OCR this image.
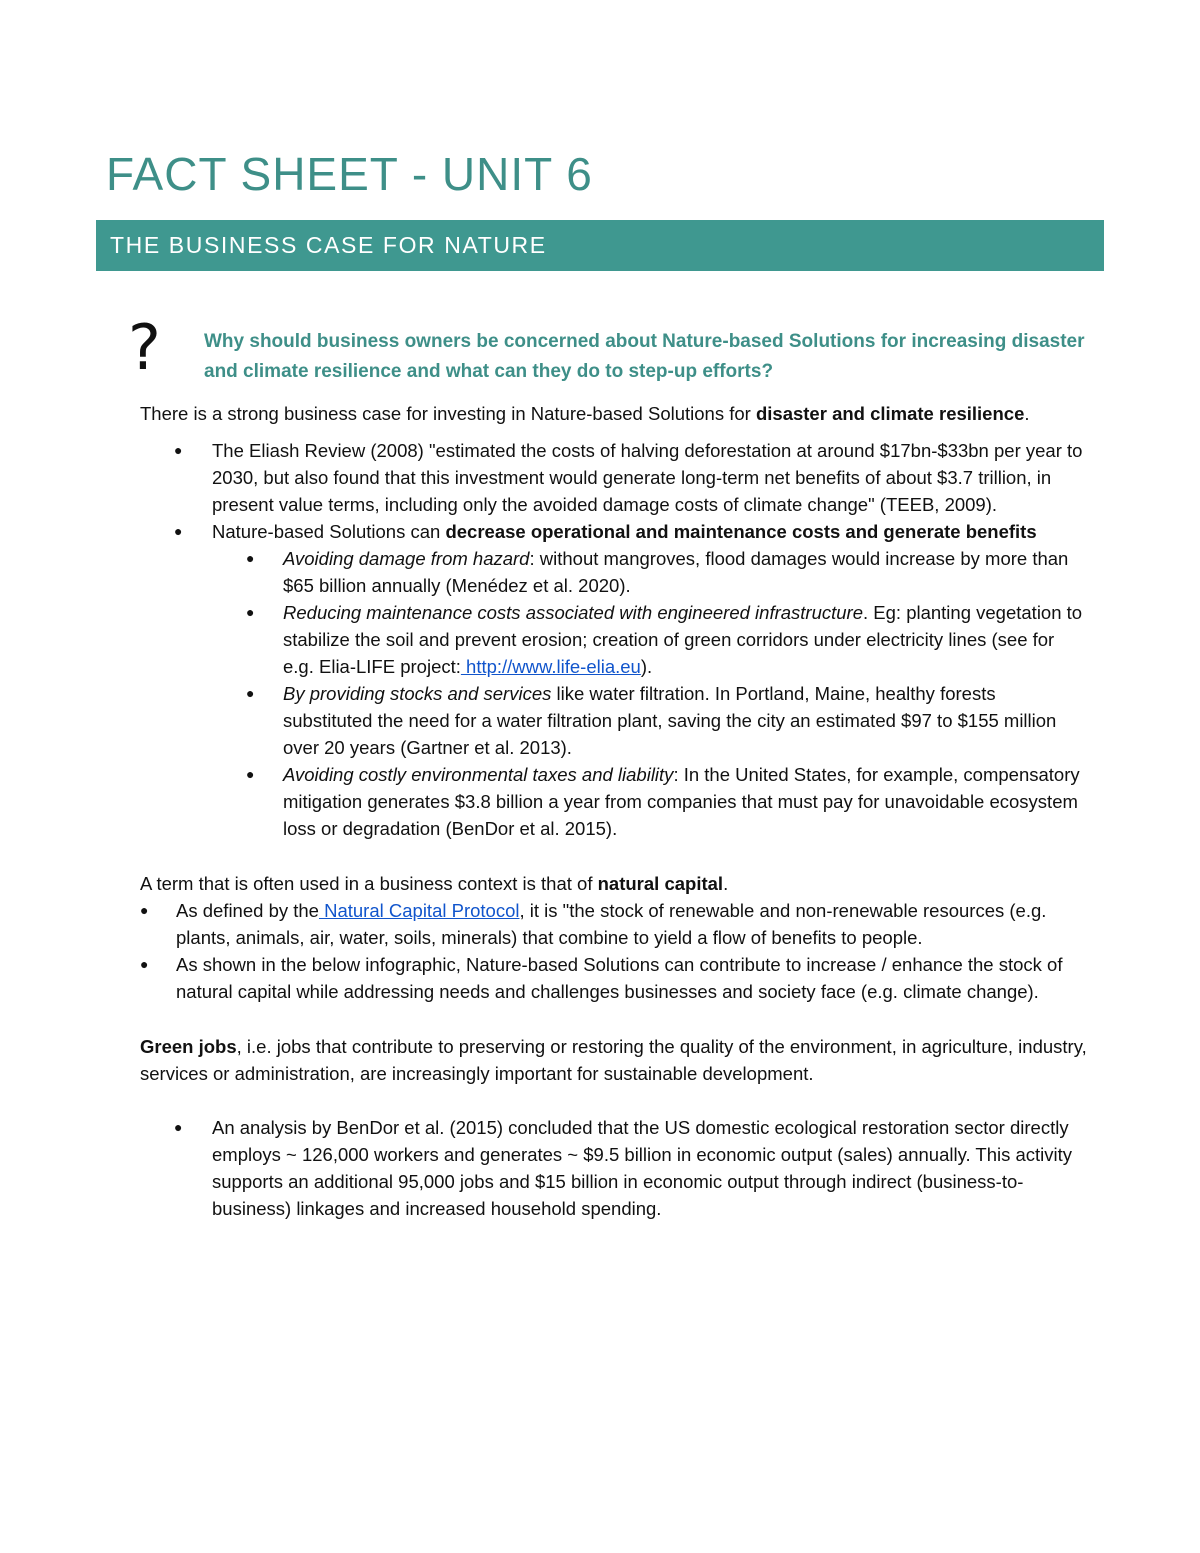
FACT SHEET - UNIT 6
THE BUSINESS CASE FOR NATURE
? Why should business owners be concerned about Nature-based Solutions for increasing disaster and climate resilience and what can they do to step-up efforts?

There is a strong business case for investing in Nature-based Solutions for disaster and climate resilience.

● The Eliash Review (2008) "estimated the costs of halving deforestation at around $17bn-$33bn per year to 2030, but also found that this investment would generate long-term net benefits of about $3.7 trillion, in present value terms, including only the avoided damage costs of climate change" (TEEB, 2009).
● Nature-based Solutions can decrease operational and maintenance costs and generate benefits
● Avoiding damage from hazard: without mangroves, flood damages would increase by more than $65 billion annually (Menédez et al. 2020).
● Reducing maintenance costs associated with engineered infrastructure. Eg: planting vegetation to stabilize the soil and prevent erosion; creation of green corridors under electricity lines (see for e.g. Elia-LIFE project: http://www.life-elia.eu).
● By providing stocks and services like water filtration. In Portland, Maine, healthy forests substituted the need for a water filtration plant, saving the city an estimated $97 to $155 million over 20 years (Gartner et al. 2013).
● Avoiding costly environmental taxes and liability: In the United States, for example, compensatory mitigation generates $3.8 billion a year from companies that must pay for unavoidable ecosystem loss or degradation (BenDor et al. 2015).

A term that is often used in a business context is that of natural capital.

● As defined by the Natural Capital Protocol, it is "the stock of renewable and non-renewable resources (e.g. plants, animals, air, water, soils, minerals) that combine to yield a flow of benefits to people.
● As shown in the below infographic, Nature-based Solutions can contribute to increase / enhance the stock of natural capital while addressing needs and challenges businesses and society face (e.g. climate change).

Green jobs, i.e. jobs that contribute to preserving or restoring the quality of the environment, in agriculture, industry, services or administration, are increasingly important for sustainable development.

● An analysis by BenDor et al. (2015) concluded that the US domestic ecological restoration sector directly employs ~ 126,000 workers and generates ~ $9.5 billion in economic output (sales) annually. This activity supports an additional 95,000 jobs and $15 billion in economic output through indirect (business-to-business) linkages and increased household spending.
